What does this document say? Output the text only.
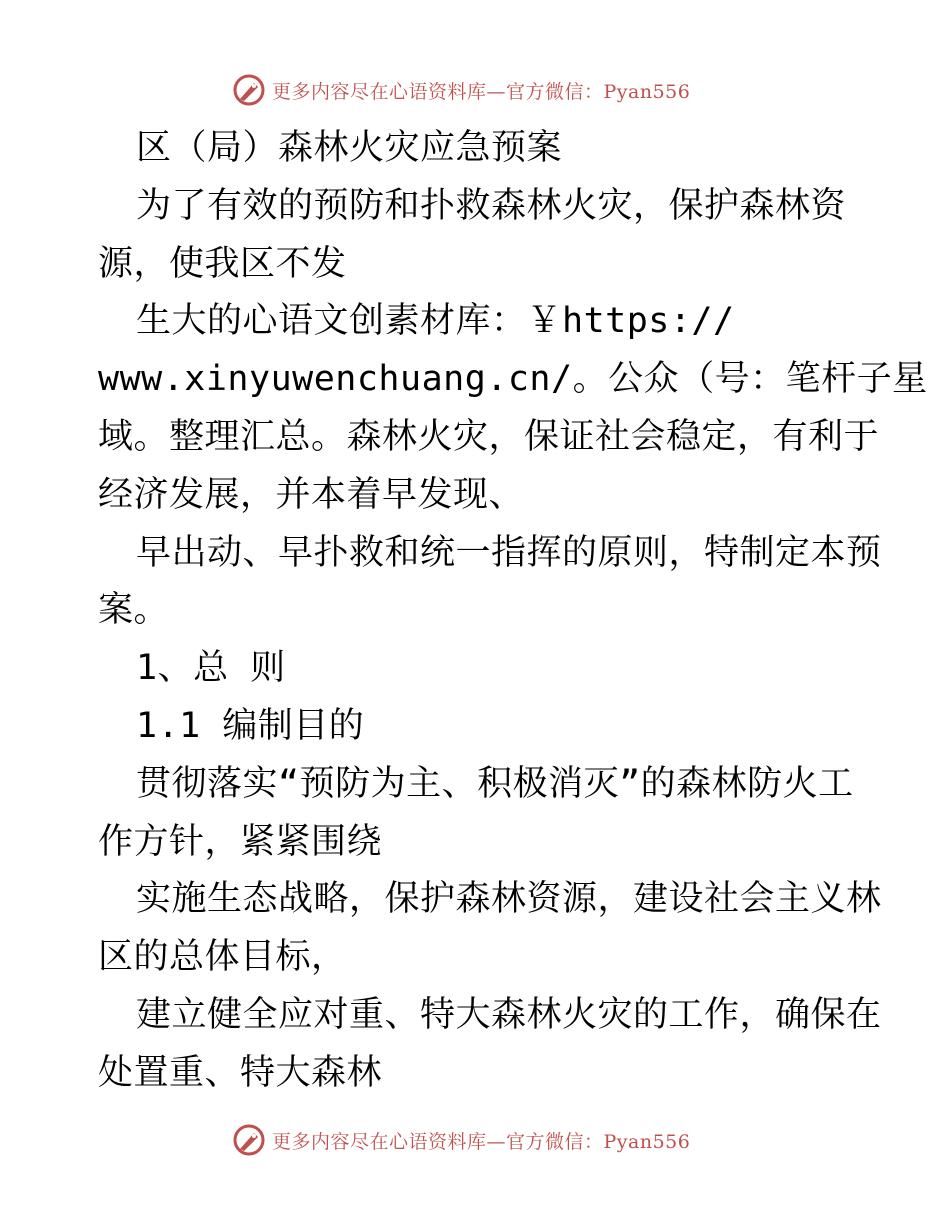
更多内容尽在心语资料库—官方微信：Pyan556
区（局）森林火灾应急预案
为了有效的预防和扑救森林火灾，保护森林资
源，使我区不发
生大的心语文创素材库：￥https://
www.xinyuwenchuang.cn/。公众（号：笔杆子星
域。整理汇总。森林火灾，保证社会稳定，有利于
经济发展，并本着早发现、
早出动、早扑救和统一指挥的原则，特制定本预
案。
1、总 则
1.1 编制目的
贯彻落实“预防为主、积极消灭”的森林防火工
作方针，紧紧围绕
实施生态战略，保护森林资源，建设社会主义林
区的总体目标，
建立健全应对重、特大森林火灾的工作，确保在
处置重、特大森林
更多内容尽在心语资料库—官方微信：Pyan556
